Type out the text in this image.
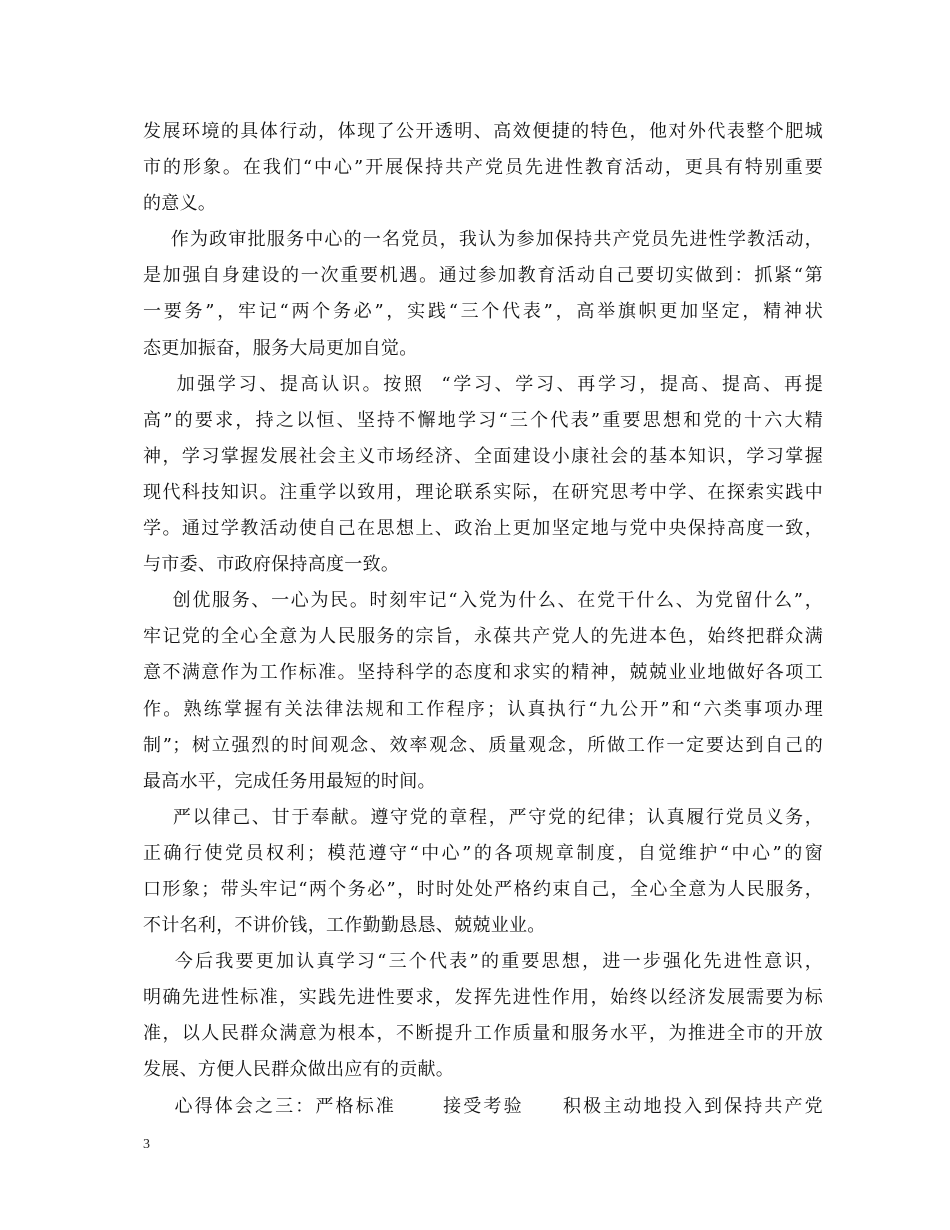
发展环境的具体行动，体现了公开透明、高效便捷的特色，他对外代表整个肥城
市的形象。在我们“中心”开展保持共产党员先进性教育活动，更具有特别重要
的意义。
作为政审批服务中心的一名党员，我认为参加保持共产党员先进性学教活动，
是加强自身建设的一次重要机遇。通过参加教育活动自己要切实做到：抓紧“第
一要务”，牢记“两个务必”，实践“三个代表”，高举旗帜更加坚定，精神状
态更加振奋，服务大局更加自觉。
加强学习、提高认识。按照  “学习、学习、再学习，提高、提高、再提
高”的要求，持之以恒、坚持不懈地学习“三个代表”重要思想和党的十六大精
神，学习掌握发展社会主义市场经济、全面建设小康社会的基本知识，学习掌握
现代科技知识。注重学以致用，理论联系实际，在研究思考中学、在探索实践中
学。通过学教活动使自己在思想上、政治上更加坚定地与党中央保持高度一致，
与市委、市政府保持高度一致。
创优服务、一心为民。时刻牢记“入党为什么、在党干什么、为党留什么”，
牢记党的全心全意为人民服务的宗旨，永葆共产党人的先进本色，始终把群众满
意不满意作为工作标准。坚持科学的态度和求实的精神，兢兢业业地做好各项工
作。熟练掌握有关法律法规和工作程序；认真执行“九公开”和“六类事项办理
制”；树立强烈的时间观念、效率观念、质量观念，所做工作一定要达到自己的
最高水平，完成任务用最短的时间。
严以律己、甘于奉献。遵守党的章程，严守党的纪律；认真履行党员义务，
正确行使党员权利；模范遵守“中心”的各项规章制度，自觉维护“中心”的窗
口形象；带头牢记“两个务必”，时时处处严格约束自己，全心全意为人民服务，
不计名利，不讲价钱，工作勤勤恳恳、兢兢业业。
今后我要更加认真学习“三个代表”的重要思想，进一步强化先进性意识，
明确先进性标准，实践先进性要求，发挥先进性作用，始终以经济发展需要为标
准，以人民群众满意为根本，不断提升工作质量和服务水平，为推进全市的开放
发展、方便人民群众做出应有的贡献。
心得体会之三：严格标准      接受考验     积极主动地投入到保持共产党
3
